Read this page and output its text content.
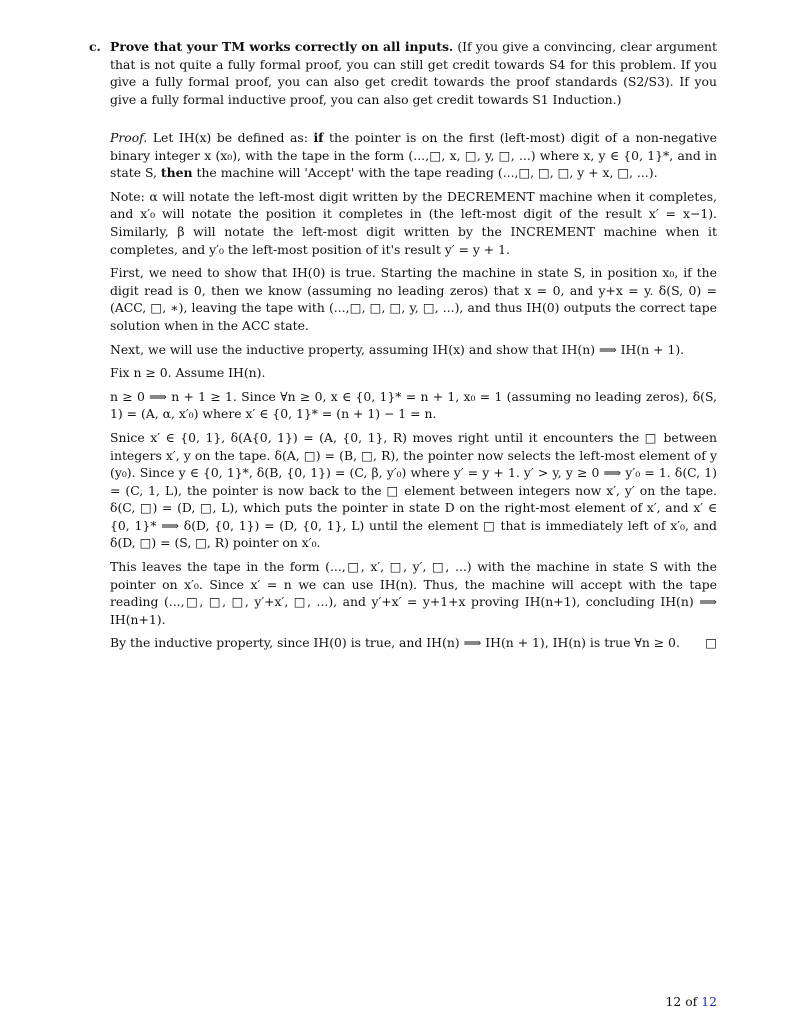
c. Prove that your TM works correctly on all inputs. (If you give a convincing, clear argument that is not quite a fully formal proof, you can still get credit towards S4 for this problem. If you give a fully formal proof, you can also get credit towards the proof standards (S2/S3). If you give a fully formal inductive proof, you can also get credit towards S1 Induction.)

Proof. Let IH(x) be defined as: if the pointer is on the first (left-most) digit of a non-negative binary integer x (x₀), with the tape in the form (...,□, x, □, y, □, ...) where x, y ∈ {0, 1}*, and in state S, then the machine will 'Accept' with the tape reading (...,□, □, □, y + x, □, ...).

Note: α will notate the left-most digit written by the DECREMENT machine when it completes, and x′₀ will notate the position it completes in (the left-most digit of the result x′ = x−1). Similarly, β will notate the left-most digit written by the INCREMENT machine when it completes, and y′₀ the left-most position of it's result y′ = y + 1.

First, we need to show that IH(0) is true. Starting the machine in state S, in position x₀, if the digit read is 0, then we know (assuming no leading zeros) that x = 0, and y+x = y. δ(S, 0) = (ACC, □, ∗), leaving the tape with (...,□, □, □, y, □, ...), and thus IH(0) outputs the correct tape solution when in the ACC state.

Next, we will use the inductive property, assuming IH(x) and show that IH(n) ⟹ IH(n + 1).

Fix n ≥ 0. Assume IH(n).

n ≥ 0 ⟹ n + 1 ≥ 1. Since ∀n ≥ 0, x ∈ {0, 1}* = n + 1, x₀ = 1 (assuming no leading zeros), δ(S, 1) = (A, α, x′₀) where x′ ∈ {0, 1}* = (n + 1) − 1 = n.

Snice x′ ∈ {0, 1}, δ(A{0, 1}) = (A, {0, 1}, R) moves right until it encounters the □ between integers x′, y on the tape. δ(A, □) = (B, □, R), the pointer now selects the left-most element of y (y₀). Since y ∈ {0, 1}*, δ(B, {0, 1}) = (C, β, y′₀) where y′ = y + 1. y′ > y, y ≥ 0 ⟹ y′₀ = 1. δ(C, 1) = (C, 1, L), the pointer is now back to the □ element between integers now x′, y′ on the tape. δ(C, □) = (D, □, L), which puts the pointer in state D on the right-most element of x′, and x′ ∈ {0, 1}* ⟹ δ(D, {0, 1}) = (D, {0, 1}, L) until the element □ that is immediately left of x′₀, and δ(D, □) = (S, □, R) pointer on x′₀.

This leaves the tape in the form (...,□, x′, □, y′, □, ...) with the machine in state S with the pointer on x′₀. Since x′ = n we can use IH(n). Thus, the machine will accept with the tape reading (...,□, □, □, y′+x′, □, ...), and y′+x′ = y+1+x proving IH(n+1), concluding IH(n) ⟹ IH(n+1).

By the inductive property, since IH(0) is true, and IH(n) ⟹ IH(n + 1), IH(n) is true ∀n ≥ 0. □

12 of 12
